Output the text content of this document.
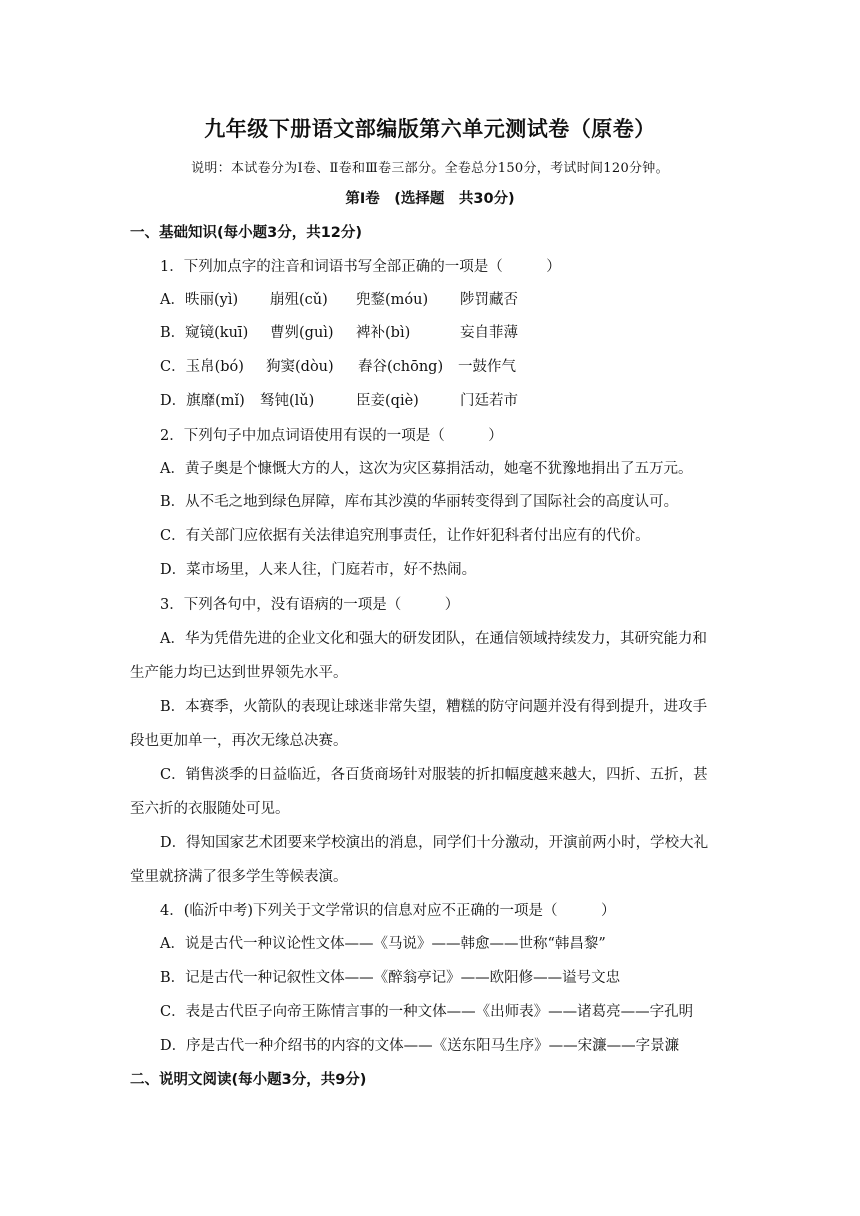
九年级下册语文部编版第六单元测试卷（原卷）
说明：本试卷分为Ⅰ卷、Ⅱ卷和Ⅲ卷三部分。全卷总分150分，考试时间120分钟。
第Ⅰ卷　(选择题　共30分)
一、基础知识(每小题3分，共12分)
1．下列加点字的注音和词语书写全部正确的一项是（　　　）
A．昳丽(yì) 崩殂(cǔ) 兜鍪(móu) 陟罚藏否
B．窥镜(kuī) 曹刿(guì) 裨补(bì)	妄自菲薄
C．玉帛(bó) 狗窦(dòu) 舂谷(chōng) 一鼓作气
D．旗靡(mǐ) 驽钝(lǔ)	臣妾(qiè)	门廷若市
2．下列句子中加点词语使用有误的一项是（　　　）
A．黄子奥是个慷慨大方的人，这次为灾区募捐活动，她毫不犹豫地捐出了五万元。
B．从不毛之地到绿色屏障，库布其沙漠的华丽转变得到了国际社会的高度认可。
C．有关部门应依据有关法律追究刑事责任，让作奸犯科者付出应有的代价。
D．菜市场里，人来人往，门庭若市，好不热闹。
3．下列各句中，没有语病的一项是（　　　）
A．华为凭借先进的企业文化和强大的研发团队，在通信领域持续发力，其研究能力和
生产能力均已达到世界领先水平。
B．本赛季，火箭队的表现让球迷非常失望，糟糕的防守问题并没有得到提升，进攻手
段也更加单一，再次无缘总决赛。
C．销售淡季的日益临近，各百货商场针对服装的折扣幅度越来越大，四折、五折，甚
至六折的衣服随处可见。
D．得知国家艺术团要来学校演出的消息，同学们十分激动，开演前两小时，学校大礼
堂里就挤满了很多学生等候表演。
4．(临沂中考)下列关于文学常识的信息对应不正确的一项是（　　　）
A．说是古代一种议论性文体——《马说》——韩愈——世称“韩昌黎”
B．记是古代一种记叙性文体——《醉翁亭记》——欧阳修——谥号文忠
C．表是古代臣子向帝王陈情言事的一种文体——《出师表》——诸葛亮——字孔明
D．序是古代一种介绍书的内容的文体——《送东阳马生序》——宋濂——字景濂
二、说明文阅读(每小题3分，共9分)
